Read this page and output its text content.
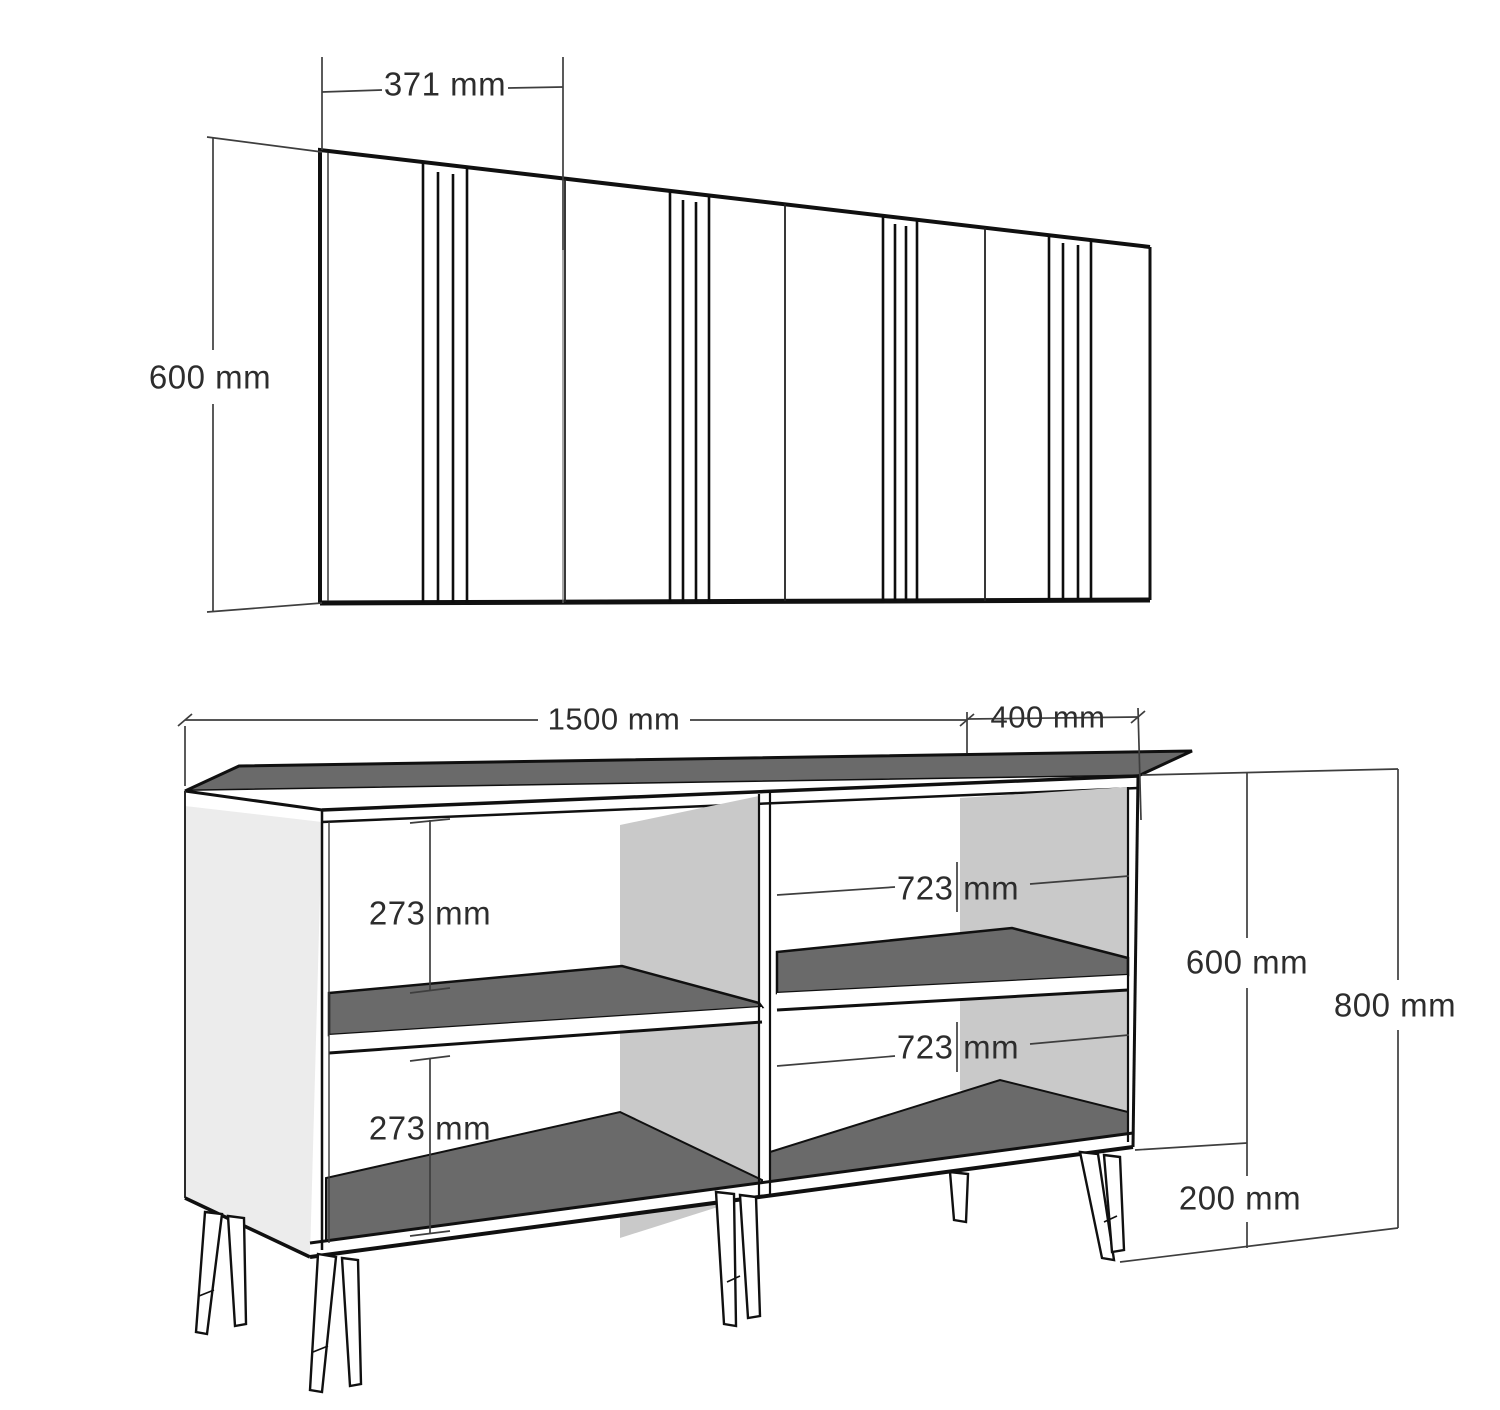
371 mm
600 mm
1500 mm	400 mm
273 mm
273 mm
723 mm
723 mm
600 mm
800 mm
200 mm
